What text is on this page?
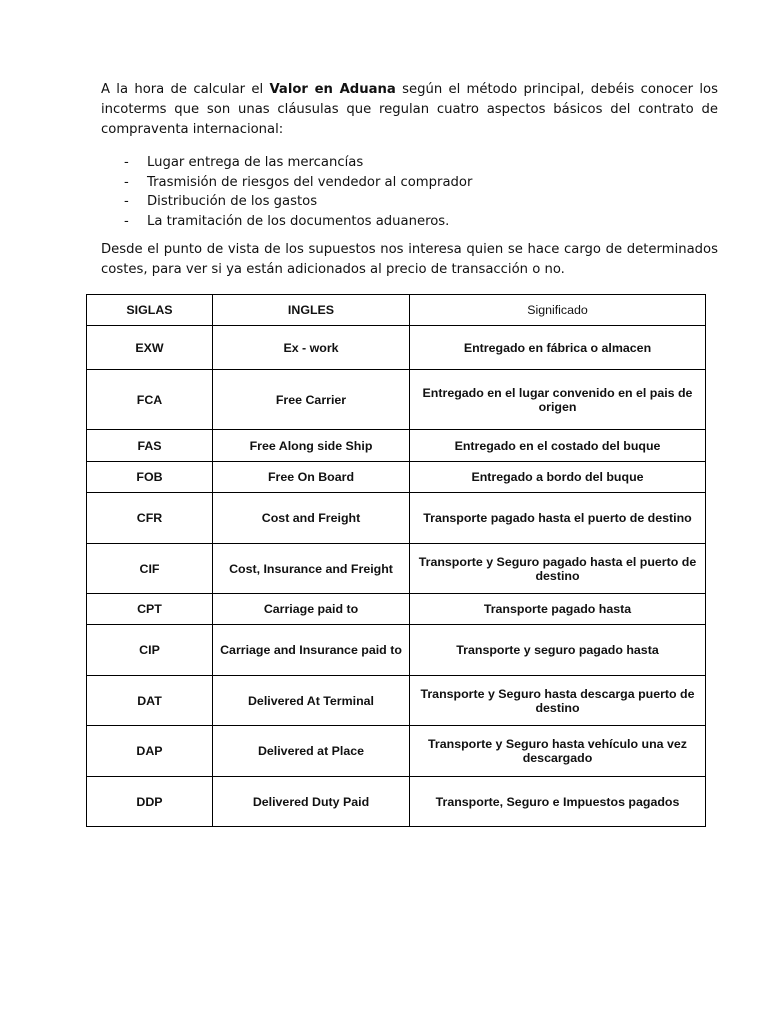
A la hora de calcular el Valor en Aduana según el método principal, debéis conocer los incoterms que son unas cláusulas que regulan cuatro aspectos básicos del contrato de compraventa internacional:

- Lugar entrega de las mercancías
- Trasmisión de riesgos del vendedor al comprador
- Distribución de los gastos
- La tramitación de los documentos aduaneros.

Desde el punto de vista de los supuestos nos interesa quien se hace cargo de determinados costes, para ver si ya están adicionados al precio de transacción o no.

SIGLAS	INGLES	Significado
EXW	Ex - work	Entregado en fábrica o almacen
FCA	Free Carrier	Entregado en el lugar convenido en el pais de origen
FAS	Free Along side Ship	Entregado en el costado del buque
FOB	Free On Board	Entregado a bordo del buque
CFR	Cost and Freight	Transporte pagado hasta el puerto de destino
CIF	Cost, Insurance and Freight	Transporte y Seguro pagado hasta el puerto de destino
CPT	Carriage paid to	Transporte pagado hasta
CIP	Carriage and Insurance paid to	Transporte y seguro pagado hasta
DAT	Delivered At Terminal	Transporte y Seguro hasta descarga puerto de destino
DAP	Delivered at Place	Transporte y Seguro hasta vehículo una vez descargado
DDP	Delivered Duty Paid	Transporte, Seguro e Impuestos pagados
